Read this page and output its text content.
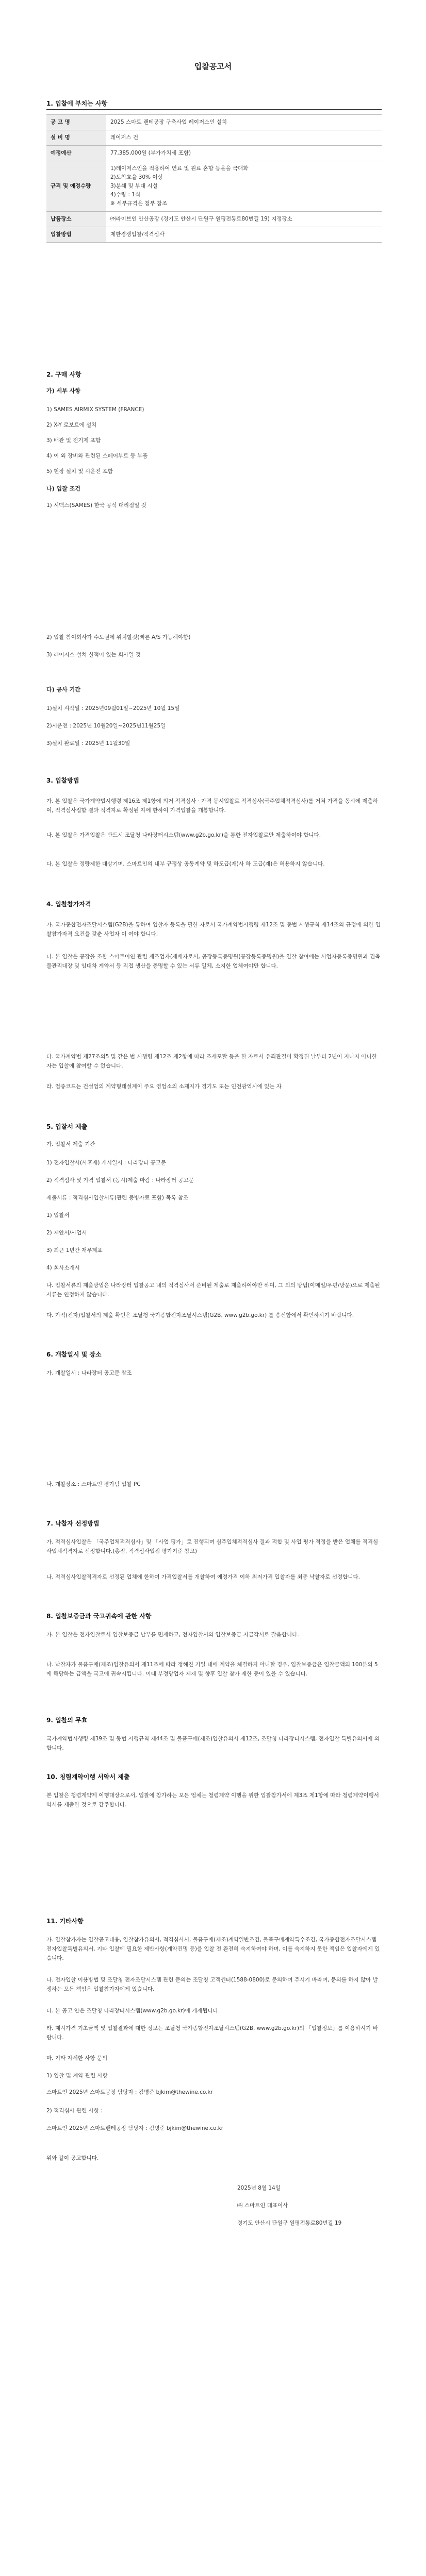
입찰공고서
1. 입찰에 부치는 사항
공 고 명	2025 스마트 랜테공장 구축사업 레이저스인 설치
설 비 명	레이저스 건
예정예산	77,385,000원 (부가가치세 포함)
규격 및 예정수량	1)레이저스인을 적용하여 연료 및 원료 혼합 등을을 극대화
2)도착효율 30% 이상
3)분쇄 및 부대 시설
4)수량 : 1식
※ 세부규격은 첨부 참조
납품장소	㈜라이브인 안산공장 (경기도 안산시 단원구 원평전통로80번길 19) 지정장소
입찰방법	제한경쟁입찰/적격심사
2. 구매 사항
가) 세부 사항
1) SAMES AIRMIX SYSTEM (FRANCE)
2) X-Y 로보트에 설치
3) 배관 및 전기제 포함
4) 이 외 장비와 관련된 스페어부트 등 부품
5) 현장 설치 및 시운전 포함
나) 입찰 조건
1) 시맥스(SAMES) 한국 공식 대리점일 것
2) 입찰 참여회사가 수도권에 위치할것(빠른 A/S 가능해야함)
3) 레이저스 설치 실적이 있는 회사일 것
다) 공사 기간
1)설치 시작일 : 2025년09월01일~2025년 10월 15일
2)시운전 : 2025년 10월20일~2025년11월25일
3)설치 완료일 : 2025년 11월30일
3. 입찰방법
가. 본 입찰은 국가계약법시행령 제16조 제1항에 의거 적격심사 · 가격 동시입찰로 적격심사(국주업체적격심사)를 거쳐 가격을 동시에 제출하여, 적격심사집합 결과 적격자로 확정된 자에 한하여 가격입찰을 개봉합니다.
나. 본 입찰은 가격입찰은 반드시 조달청 나라장터시스템(www.g2b.go.kr)을 통한 전자입찰로만 제출하여야 합니다.
다. 본 입찰은 정량제한 대상기며, 스마트인의 내부 규정상 공동계약 및 하도급(재)사 하 도급(재)은 허용하지 않습니다.
4. 입찰참가자격
가. 국가종합전자조달시스템(G2B)을 통하여 입찰자 등록을 필한 자로서 국가계약법시행령 제12조 및 동법 시행규칙 제14조의 규정에 의한 입찰참가자격 요건을 갖춘 사업자 이 여야 합니다.
나. 본 입찰은 공장을 조합 스마트이인 관련 제조업자(제배자로서, 공장등록증명원(공장등록증명원)을 입찰 참여에는 서업자등록증명원과 건축물관리대장 및 임대차 계약서 등 직접 생산을 증명할 수 있는 서류 일체, 소지한 업체여야만 합니다.
다. 국가계약법 제27조의5 및 같은 법 시행령 제12조 제2항에 따라 조세포탈 등을 한 자로서 유죄판결이 확정된 날부터 2년이 지나지 아니한 자는 입찰에 참여할 수 없습니다.
라. 업종코드는 건설업의 계약형태설계이 주요 영업소의 소재지가 경기도 또는 인천광역시에 있는 자
5. 입찰서 제출
가. 입찰서 제출 기간
1) 전자입찰서(사후제) 개시일시 : 나라장터 공고문
2) 적격심사 및 가격 입찰서 (동시)제출 마감 : 나라장터 공고문
제출서류 : 적격심사입찰서류(관련 증빙자료 포함) 목록 참조
1) 입찰서
2) 제안서/사업서
3) 최근 1년간 재무제표
4) 회사소개서
나. 입찰서류의 제출방법은 나라장터 입찰공고 내의 적격심사서 준비된 제출로 제출하여야만 하며, 그 외의 방법(이메일/우편/방문)으로 제출된 서류는 인정하지 않습니다.
다. 가적(전자)입찰서의 제출 확인은 조달청 국가종합전자조달시스템(G2B, www.g2b.go.kr) 를 송신함에서 확인하시기 바랍니다.
6. 개찰일시 및 장소
가. 개찰일시 : 나라장터 공고문 참조
나. 개찰장소 : 스마트인 평가팀 입찰 PC
7. 낙찰자 선정방법
가. 적격심사입찰은 「국주업체적격심사」및 「사업 평가」로 진행되며 심주입체적격심사 결과 적합 및 사업 평가 적정을 받은 업체를 적격심사업체적격자로 선정합니다.(총점, 적격심사업점 평가기준 참고)
나. 적격심사입찰적격자로 선정된 업체에 한하여 가격입찰서를 개찰하여 예정가격 이하 최저가격 입찰자를 최종 낙찰자로 선정합니다.
8. 입찰보증금과 국고귀속에 관한 사항
가. 본 입찰은 전자입찰로서 입찰보증금 납부를 면제하고, 전자입찰서의 입찰보증금 지급각서로 갈음합니다.
나. 낙찰자가 물품구매(제조)입찰유의서 제11조에 따라 정해진 기일 내에 계약을 체결하지 아니할 경우, 입찰보증금은 입찰금액의 100분의 5에 해당하는 금액을 국고에 귀속시킵니다. 이때 부정당업자 제재 및 향후 입찰 참가 제한 등이 있을 수 있습니다.
9. 입찰의 무효
국가계약법시행령 제39조 및 동법 시행규칙 제44조 및 물품구매(제조)입찰유의서 제12조, 조달청 나라장터시스템, 전자입찰 특별유의서에 의합니다.
10. 청렴계약이행 서약서 제출
본 입찰은 청렴계약제 이행대상으로서, 입찰에 참가하는 모든 업체는 청렴계약 이행을 위한 입찰참가서에 제3조 제1항에 따라 청렴계약이행서약서를 제출한 것으로 간주합니다.
11. 기타사항
가. 입찰참가자는 입찰공고내용, 입찰참가유의서, 적격심사서, 물품구매(제조)계약일반조건, 물품구매계약특수조건, 국가종합전자조달시스템 전자입찰특별유의서, 기타 입찰에 필요한 제반사항(계약건명 등)을 입찰 전 완전히 숙지하여야 하며, 이를 숙지하지 못한 책임은 입찰자에게 있습니다.
나. 전자입찰 이용방법 및 조달청 전자조달시스템 관련 문의는 조달청 고객센터(1588-0800)로 문의하여 주시기 바라며, 문의를 하지 않아 발생하는 모든 책임은 입찰참가자에게 있습니다.
다. 본 공고 안은 조달청 나라장터시스템(www.g2b.go.kr)에 게재됩니다.
라. 제시가격 기초금액 및 입찰결과에 대한 정보는 조달청 국가종합전자조달시스템(G2B, www.g2b.go.kr)의 「입찰정보」를 이용하시기 바랍니다.
마. 기타 자세한 사항 문의
1) 입찰 및 계약 관련 사항
스마트인 2025년 스마트공장 담당자 : 김병준 bjkim@thewine.co.kr
2) 적격심사 관련 사항 :
스마트인 2025년 스마트랜테공장 담당자 : 김병준 bjkim@thewine.co.kr
위와 같이 공고합니다.
2025년 8월 14일
㈜ 스마트인 대표이사
경기도 안산시 단원구 원평전통로80번길 19
